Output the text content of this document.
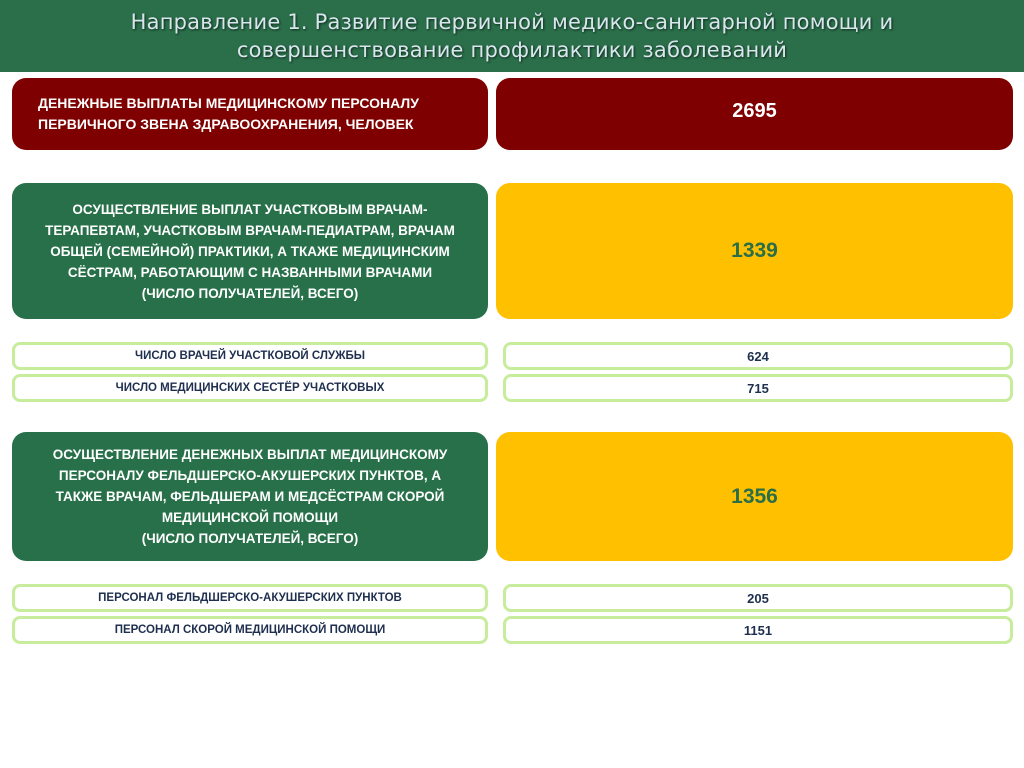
Направление 1. Развитие первичной медико-санитарной помощи и совершенствование профилактики заболеваний
ДЕНЕЖНЫЕ ВЫПЛАТЫ МЕДИЦИНСКОМУ ПЕРСОНАЛУ ПЕРВИЧНОГО ЗВЕНА ЗДРАВООХРАНЕНИЯ, ЧЕЛОВЕК
2695
ОСУЩЕСТВЛЕНИЕ ВЫПЛАТ УЧАСТКОВЫМ ВРАЧАМ-
ТЕРАПЕВТАМ, УЧАСТКОВЫМ ВРАЧАМ-ПЕДИАТРАМ, ВРАЧАМ
ОБЩЕЙ (СЕМЕЙНОЙ) ПРАКТИКИ, А ТКАЖЕ МЕДИЦИНСКИМ
СЁСТРАМ, РАБОТАЮЩИМ С НАЗВАННЫМИ ВРАЧАМИ
(ЧИСЛО ПОЛУЧАТЕЛЕЙ, ВСЕГО)
1339
ЧИСЛО ВРАЧЕЙ УЧАСТКОВОЙ СЛУЖБЫ	624
ЧИСЛО МЕДИЦИНСКИХ СЕСТЁР УЧАСТКОВЫХ	715
ОСУЩЕСТВЛЕНИЕ ДЕНЕЖНЫХ ВЫПЛАТ МЕДИЦИНСКОМУ
ПЕРСОНАЛУ ФЕЛЬДШЕРСКО-АКУШЕРСКИХ ПУНКТОВ, А
ТАКЖЕ ВРАЧАМ, ФЕЛЬДШЕРАМ И МЕДСЁСТРАМ СКОРОЙ
МЕДИЦИНСКОЙ ПОМОЩИ
(ЧИСЛО ПОЛУЧАТЕЛЕЙ, ВСЕГО)
1356
ПЕРСОНАЛ ФЕЛЬДШЕРСКО-АКУШЕРСКИХ ПУНКТОВ	205
ПЕРСОНАЛ СКОРОЙ МЕДИЦИНСКОЙ ПОМОЩИ	1151
